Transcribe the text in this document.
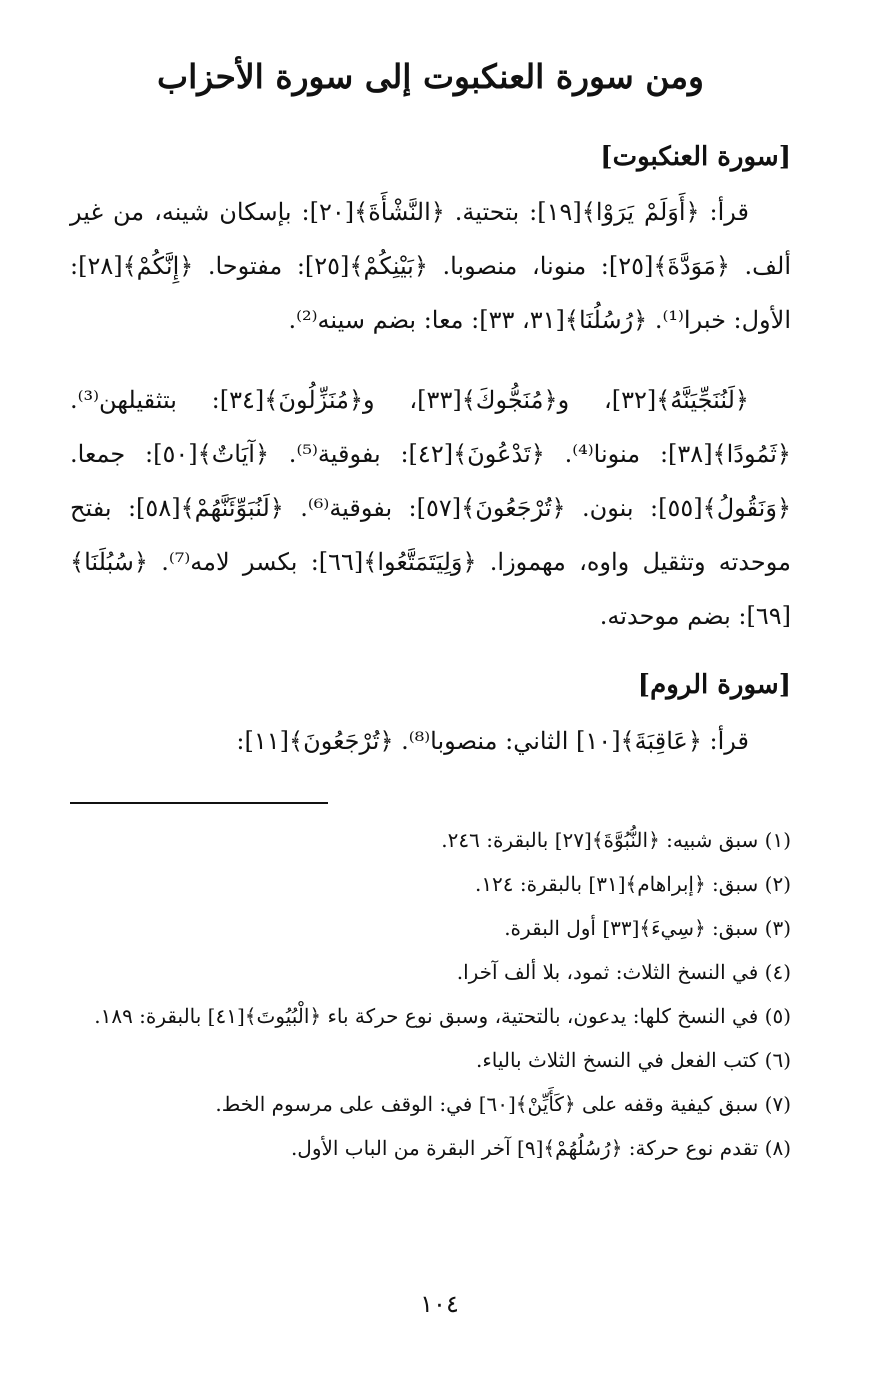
ومن سورة العنكبوت إلى سورة الأحزاب
[سورة العنكبوت]

قرأ: ﴿أَوَلَمْ يَرَوْا﴾[١٩]: بتحتية. ﴿النَّشْأَةَ﴾[٢٠]: بإسكان شينه، من غير ألف. ﴿مَوَدَّةَ﴾[٢٥]: منونا، منصوبا. ﴿بَيْنِكُمْ﴾[٢٥]: مفتوحا. ﴿إِنَّكُمْ﴾[٢٨]: الأول: خبرا⁽¹⁾. ﴿رُسُلُنَا﴾[٣١، ٣٣]: معا: بضم سينه⁽²⁾.

﴿لَنُنَجِّيَنَّهُ﴾[٣٢]، و﴿مُنَجُّوكَ﴾[٣٣]، و﴿مُنَزِّلُونَ﴾[٣٤]: بتثقيلهن⁽³⁾. ﴿ثَمُودًا﴾[٣٨]: منونا⁽⁴⁾. ﴿تَدْعُونَ﴾[٤٢]: بفوقية⁽⁵⁾. ﴿آيَاتٌ﴾[٥٠]: جمعا. ﴿وَنَقُولُ﴾[٥٥]: بنون. ﴿تُرْجَعُونَ﴾[٥٧]: بفوقية⁽⁶⁾. ﴿لَنُبَوِّئَنَّهُمْ﴾[٥٨]: بفتح موحدته وتثقيل واوه، مهموزا. ﴿وَلِيَتَمَتَّعُوا﴾[٦٦]: بكسر لامه⁽⁷⁾. ﴿سُبُلَنَا﴾[٦٩]: بضم موحدته.

[سورة الروم]

قرأ: ﴿عَاقِبَةَ﴾[١٠] الثاني: منصوبا⁽⁸⁾. ﴿تُرْجَعُونَ﴾[١١]:

(١) سبق شبيه: ﴿النُّبُوَّةَ﴾[٢٧] بالبقرة: ٢٤٦.
(٢) سبق: ﴿إبراهام﴾[٣١] بالبقرة: ١٢٤.
(٣) سبق: ﴿سِيءَ﴾[٣٣] أول البقرة.
(٤) في النسخ الثلاث: ثمود، بلا ألف آخرا.
(٥) في النسخ كلها: يدعون، بالتحتية، وسبق نوع حركة باء ﴿الْبُيُوتَ﴾[٤١] بالبقرة: ١٨٩.
(٦) كتب الفعل في النسخ الثلاث بالياء.
(٧) سبق كيفية وقفه على ﴿كَأَيِّنْ﴾[٦٠] في: الوقف على مرسوم الخط.
(٨) تقدم نوع حركة: ﴿رُسُلُهُمْ﴾[٩] آخر البقرة من الباب الأول.
١٠٤
